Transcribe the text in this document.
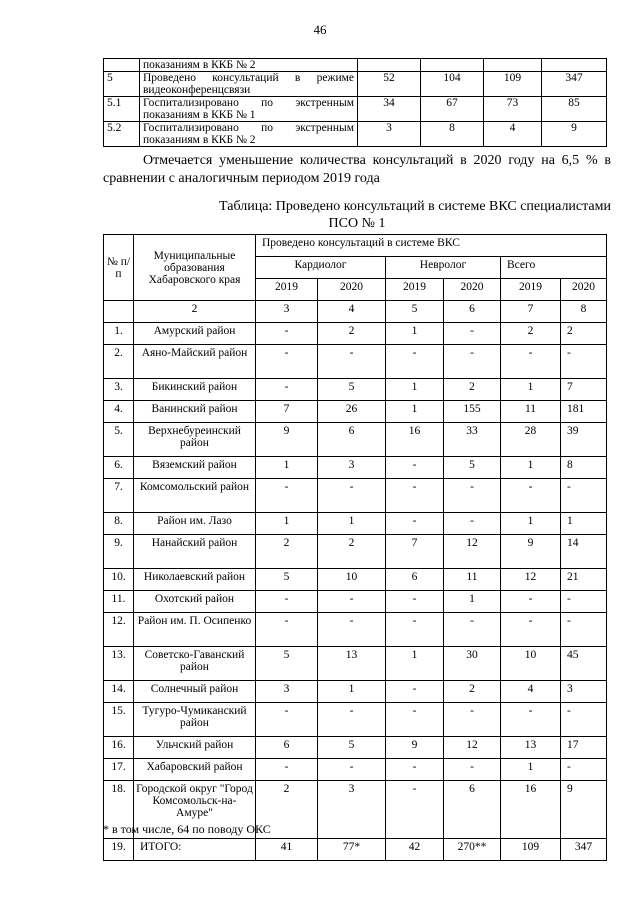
46
	показаниям в ККБ № 2				
5	Проведено консультаций в режиме видеоконференцсвязи	52	104	109	347
5.1	Госпитализировано по экстренным показаниям в ККБ № 1	34	67	73	85
5.2	Госпитализировано по экстренным показаниям в ККБ № 2	3	8	4	9
Отмечается уменьшение количества консультаций в 2020 году на 6,5 % в сравнении с аналогичным периодом 2019 года
Таблица: Проведено консультаций в системе ВКС специалистами
ПСО № 1
№ п/п	Муниципальные образования Хабаровского края	Проведено консультаций в системе ВКС					
		Кардиолог		Невролог		Всего	
		2019	2020	2019	2020	2019	2020
	2	3	4	5	6	7	8
1.	Амурский район	-	2	1	-	2	2
2.	Аяно-Майский район	-	-	-	-	-	-
3.	Бикинский район	-	5	1	2	1	7
4.	Ванинский район	7	26	1	155	11	181
5.	Верхнебуреинский район	9	6	16	33	28	39
6.	Вяземский район	1	3	-	5	1	8
7.	Комсомольский район	-	-	-	-	-	-
8.	Район им. Лазо	1	1	-	-	1	1
9.	Нанайский район	2	2	7	12	9	14
10.	Николаевский район	5	10	6	11	12	21
11.	Охотский район	-	-	-	1	-	-
12.	Район им. П. Осипенко	-	-	-	-	-	-
13.	Советско-Гаванский район	5	13	1	30	10	45
14.	Солнечный район	3	1	-	2	4	3
15.	Тугуро-Чумиканский район	-	-	-	-	-	-
16.	Ульчский район	6	5	9	12	13	17
17.	Хабаровский район	-	-	-	-	1	-
18.	Городской округ "Город Комсомольск-на-Амуре"	2	3	-	6	16	9
19.	ИТОГО:	41	77*	42	270**	109	347
* в том числе, 64 по поводу ОКС
